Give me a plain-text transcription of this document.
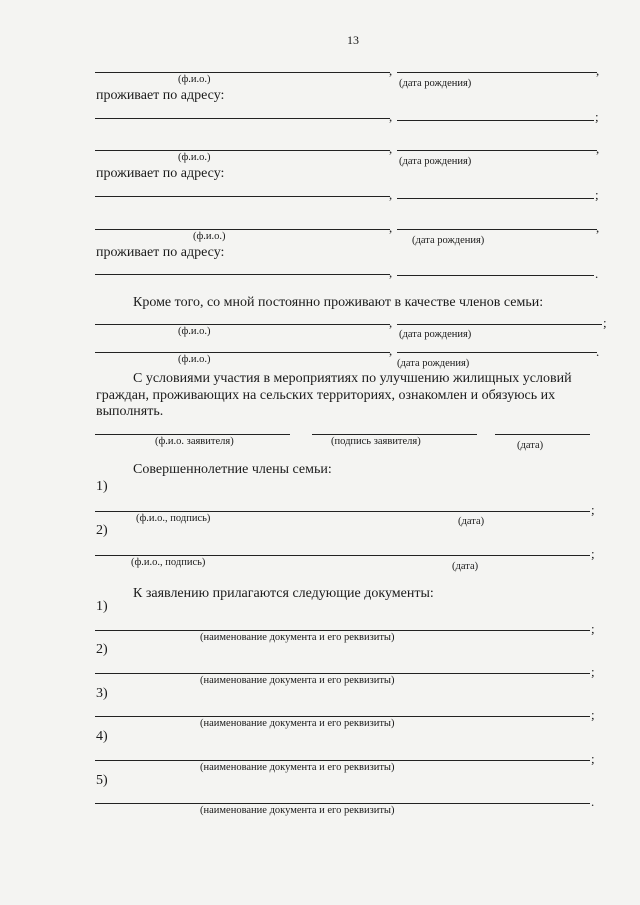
13
,	,
(ф.и.о.)	(дата рождения)
проживает по адресу:
,	;
,	,
(ф.и.о.)	(дата рождения)
проживает по адресу:
,	;
,	,
(ф.и.о.)	(дата рождения)
проживает по адресу:
,	.
Кроме того, со мной постоянно проживают в качестве членов семьи:
,	;
(ф.и.о.)	(дата рождения)
,	.
(ф.и.о.)	(дата рождения)
С условиями участия в мероприятиях по улучшению жилищных условий
граждан, проживающих на сельских территориях, ознакомлен и обязуюсь их
выполнять.
(ф.и.о. заявителя)	(подпись заявителя)	(дата)
Совершеннолетние члены семьи:
1)
;
(ф.и.о., подпись)	(дата)
2)
;
(ф.и.о., подпись)	(дата)
К заявлению прилагаются следующие документы:
1)
;
(наименование документа и его реквизиты)
2)
;
(наименование документа и его реквизиты)
3)
;
(наименование документа и его реквизиты)
4)
;
(наименование документа и его реквизиты)
5)
.
(наименование документа и его реквизиты)
